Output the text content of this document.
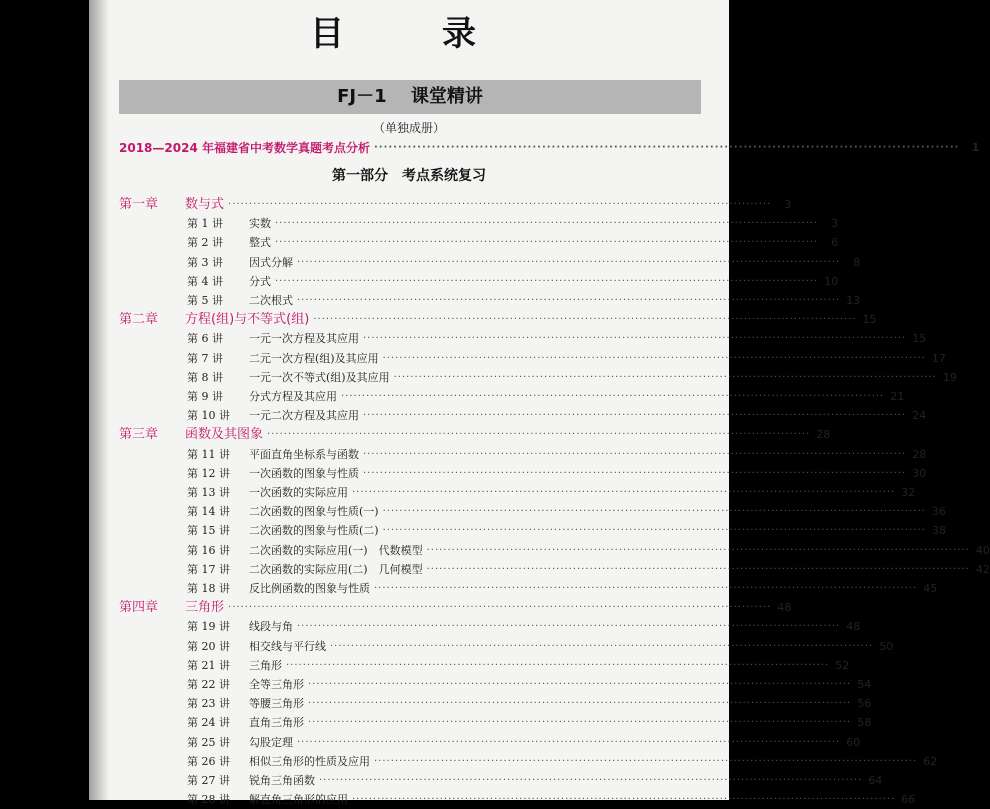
目　录
FJ－1　 课堂精讲
（单独成册）
2018—2024 年福建省中考数学真题考点分析 ··························································································································	1
第一部分　考点系统复习
第一章 数与式 ··································································································································	3
第 1 讲 实数 ··································································································································	3
第 2 讲 整式 ··································································································································	6
第 3 讲 因式分解 ··································································································································	8
第 4 讲 分式 ·································································································································· 10
第 5 讲 二次根式 ·································································································································· 13
第二章 方程(组)与不等式(组) ·································································································································· 15
第 6 讲 一元一次方程及其应用 ·································································································································· 15
第 7 讲 二元一次方程(组)及其应用 ·································································································································· 17
第 8 讲 一元一次不等式(组)及其应用 ·································································································································· 19
第 9 讲 分式方程及其应用 ·································································································································· 21
第 10 讲 一元二次方程及其应用 ·································································································································· 24
第三章 函数及其图象 ·································································································································· 28
第 11 讲 平面直角坐标系与函数 ·································································································································· 28
第 12 讲 一次函数的图象与性质 ·································································································································· 30
第 13 讲 一次函数的实际应用 ·································································································································· 32
第 14 讲 二次函数的图象与性质(一) ·································································································································· 36
第 15 讲 二次函数的图象与性质(二) ·································································································································· 38
第 16 讲 二次函数的实际应用(一)　代数模型 ·································································································································· 40
第 17 讲 二次函数的实际应用(二)　几何模型 ·································································································································· 42
第 18 讲 反比例函数的图象与性质 ·································································································································· 45
第四章 三角形 ·································································································································· 48
第 19 讲 线段与角 ·································································································································· 48
第 20 讲 相交线与平行线 ·································································································································· 50
第 21 讲 三角形 ·································································································································· 52
第 22 讲 全等三角形 ·································································································································· 54
第 23 讲 等腰三角形 ·································································································································· 56
第 24 讲 直角三角形 ·································································································································· 58
第 25 讲 勾股定理 ·································································································································· 60
第 26 讲 相似三角形的性质及应用 ·································································································································· 62
第 27 讲 锐角三角函数 ·································································································································· 64
第 28 讲 解直角三角形的应用 ·································································································································· 66
